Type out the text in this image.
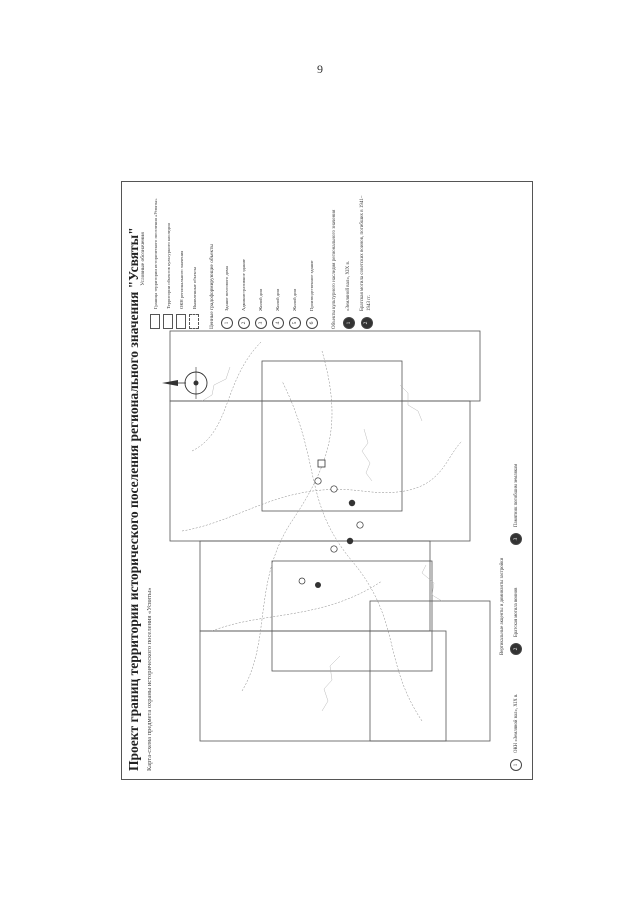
9
Проект границ территории исторического поселения регионального значения "Усвяты" Карта-схема предмета охраны исторического поселения «Усвяты»
Условные обозначения Граница территории исторического поселения «Усвяты» Территории объектов культурного наследия ОКН регионального значения Выявленные объекты Ценные градоформирующие объекты	1
Здание почтового дома
2
Административное здание
3
Жилой дом
4
Жилой дом
5
Жилой дом
6
Производственное здание	Объекты культурного наследия регионального значения	1
«Земляной вал», XIX в.
2
Братская могила советских воинов, погибших в 1941–1943 гг.
1
ОКН «Земляной вал», XIX в.
2
Братская могила воинов
3
Памятник погибшим землякам
Вертикальные акценты и доминанты застройки
